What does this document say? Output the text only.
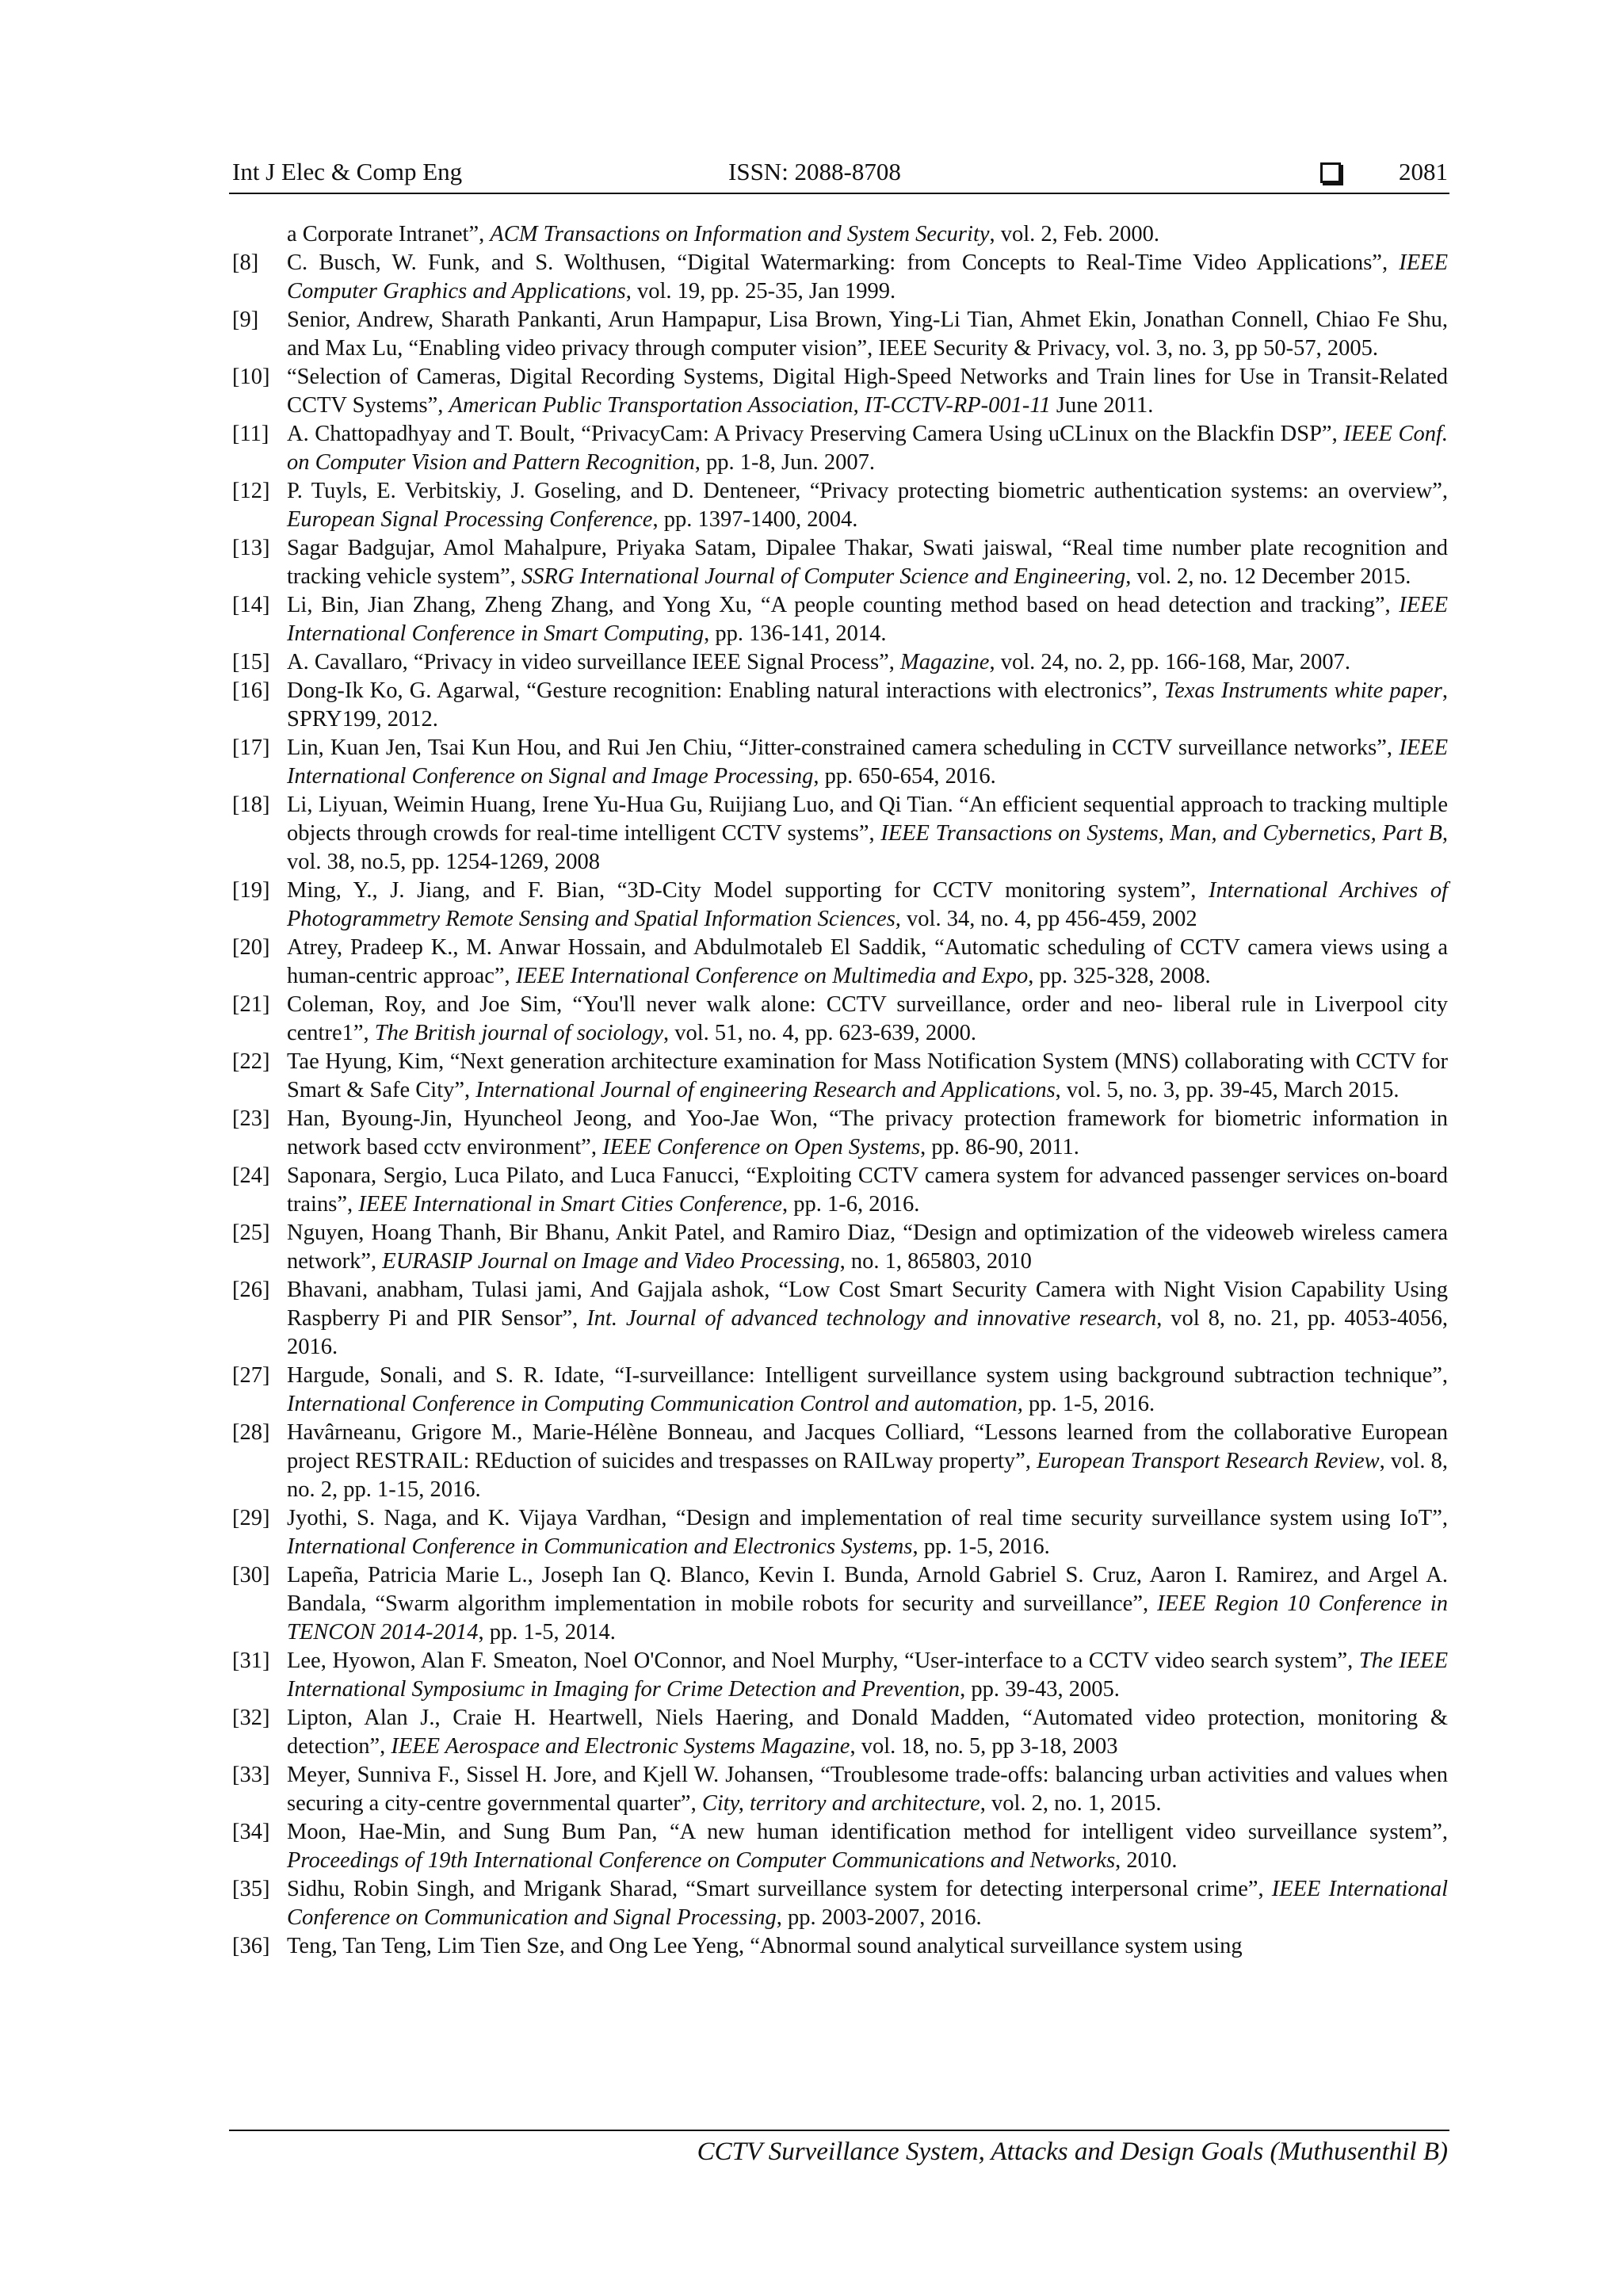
Int J Elec & Comp Eng	ISSN: 2088-8708	2081
a Corporate Intranet”, ACM Transactions on Information and System Security, vol. 2, Feb. 2000.
[8]	C. Busch, W. Funk, and S. Wolthusen, “Digital Watermarking: from Concepts to Real-Time Video Applications”, IEEE Computer Graphics and Applications, vol. 19, pp. 25-35, Jan 1999.
[9]	Senior, Andrew, Sharath Pankanti, Arun Hampapur, Lisa Brown, Ying-Li Tian, Ahmet Ekin, Jonathan Connell, Chiao Fe Shu, and Max Lu, “Enabling video privacy through computer vision”, IEEE Security & Privacy, vol. 3, no. 3, pp 50-57, 2005.
[10] “Selection of Cameras, Digital Recording Systems, Digital High-Speed Networks and Train lines for Use in Transit-Related CCTV Systems”, American Public Transportation Association, IT-CCTV-RP-001-11 June 2011.
[11] A. Chattopadhyay and T. Boult, “PrivacyCam: A Privacy Preserving Camera Using uCLinux on the Blackfin DSP”, IEEE Conf. on Computer Vision and Pattern Recognition, pp. 1-8, Jun. 2007.
[12] P. Tuyls, E. Verbitskiy, J. Goseling, and D. Denteneer, “Privacy protecting biometric authentication systems: an overview”, European Signal Processing Conference, pp. 1397-1400, 2004.
[13] Sagar Badgujar, Amol Mahalpure, Priyaka Satam, Dipalee Thakar, Swati jaiswal, “Real time number plate recognition and tracking vehicle system”, SSRG International Journal of Computer Science and Engineering, vol. 2, no. 12 December 2015.
[14] Li, Bin, Jian Zhang, Zheng Zhang, and Yong Xu, “A people counting method based on head detection and tracking”, IEEE International Conference in Smart Computing, pp. 136-141, 2014.
[15] A. Cavallaro, “Privacy in video surveillance IEEE Signal Process”, Magazine, vol. 24, no. 2, pp. 166-168, Mar, 2007.
[16] Dong-Ik Ko, G. Agarwal, “Gesture recognition: Enabling natural interactions with electronics”, Texas Instruments white paper, SPRY199, 2012.
[17] Lin, Kuan Jen, Tsai Kun Hou, and Rui Jen Chiu, “Jitter-constrained camera scheduling in CCTV surveillance networks”, IEEE International Conference on Signal and Image Processing, pp. 650-654, 2016.
[18] Li, Liyuan, Weimin Huang, Irene Yu-Hua Gu, Ruijiang Luo, and Qi Tian. “An efficient sequential approach to tracking multiple objects through crowds for real-time intelligent CCTV systems”, IEEE Transactions on Systems, Man, and Cybernetics, Part B, vol. 38, no.5, pp. 1254-1269, 2008
[19] Ming, Y., J. Jiang, and F. Bian, “3D-City Model supporting for CCTV monitoring system”, International Archives of Photogrammetry Remote Sensing and Spatial Information Sciences, vol. 34, no. 4, pp 456-459, 2002
[20] Atrey, Pradeep K., M. Anwar Hossain, and Abdulmotaleb El Saddik, “Automatic scheduling of CCTV camera views using a human-centric approac”, IEEE International Conference on Multimedia and Expo, pp. 325-328, 2008.
[21] Coleman, Roy, and Joe Sim, “You'll never walk alone: CCTV surveillance, order and neo- liberal rule in Liverpool city centre1”, The British journal of sociology, vol. 51, no. 4, pp. 623-639, 2000.
[22] Tae Hyung, Kim, “Next generation architecture examination for Mass Notification System (MNS) collaborating with CCTV for Smart & Safe City”, International Journal of engineering Research and Applications, vol. 5, no. 3, pp. 39-45, March 2015.
[23] Han, Byoung-Jin, Hyuncheol Jeong, and Yoo-Jae Won, “The privacy protection framework for biometric information in network based cctv environment”, IEEE Conference on Open Systems, pp. 86-90, 2011.
[24] Saponara, Sergio, Luca Pilato, and Luca Fanucci, “Exploiting CCTV camera system for advanced passenger services on-board trains”, IEEE International in Smart Cities Conference, pp. 1-6, 2016.
[25] Nguyen, Hoang Thanh, Bir Bhanu, Ankit Patel, and Ramiro Diaz, “Design and optimization of the videoweb wireless camera network”, EURASIP Journal on Image and Video Processing, no. 1, 865803, 2010
[26] Bhavani, anabham, Tulasi jami, And Gajjala ashok, “Low Cost Smart Security Camera with Night Vision Capability Using Raspberry Pi and PIR Sensor”, Int. Journal of advanced technology and innovative research, vol 8, no. 21, pp. 4053-4056, 2016.
[27] Hargude, Sonali, and S. R. Idate, “I-surveillance: Intelligent surveillance system using background subtraction technique”, International Conference in Computing Communication Control and automation, pp. 1-5, 2016.
[28] Havârneanu, Grigore M., Marie-Hélène Bonneau, and Jacques Colliard, “Lessons learned from the collaborative European project RESTRAIL: REduction of suicides and trespasses on RAILway property”, European Transport Research Review, vol. 8, no. 2, pp. 1-15, 2016.
[29] Jyothi, S. Naga, and K. Vijaya Vardhan, “Design and implementation of real time security surveillance system using IoT”, International Conference in Communication and Electronics Systems, pp. 1-5, 2016.
[30] Lapeña, Patricia Marie L., Joseph Ian Q. Blanco, Kevin I. Bunda, Arnold Gabriel S. Cruz, Aaron I. Ramirez, and Argel A. Bandala, “Swarm algorithm implementation in mobile robots for security and surveillance”, IEEE Region 10 Conference in TENCON 2014-2014, pp. 1-5, 2014.
[31] Lee, Hyowon, Alan F. Smeaton, Noel O'Connor, and Noel Murphy, “User-interface to a CCTV video search system”, The IEEE International Symposiumc in Imaging for Crime Detection and Prevention, pp. 39-43, 2005.
[32] Lipton, Alan J., Craie H. Heartwell, Niels Haering, and Donald Madden, “Automated video protection, monitoring & detection”, IEEE Aerospace and Electronic Systems Magazine, vol. 18, no. 5, pp 3-18, 2003
[33] Meyer, Sunniva F., Sissel H. Jore, and Kjell W. Johansen, “Troublesome trade-offs: balancing urban activities and values when securing a city-centre governmental quarter”, City, territory and architecture, vol. 2, no. 1, 2015.
[34] Moon, Hae-Min, and Sung Bum Pan, “A new human identification method for intelligent video surveillance system”, Proceedings of 19th International Conference on Computer Communications and Networks, 2010.
[35] Sidhu, Robin Singh, and Mrigank Sharad, “Smart surveillance system for detecting interpersonal crime”, IEEE International Conference on Communication and Signal Processing, pp. 2003-2007, 2016.
[36] Teng, Tan Teng, Lim Tien Sze, and Ong Lee Yeng, “Abnormal sound analytical surveillance system using
CCTV Surveillance System, Attacks and Design Goals (Muthusenthil B)
